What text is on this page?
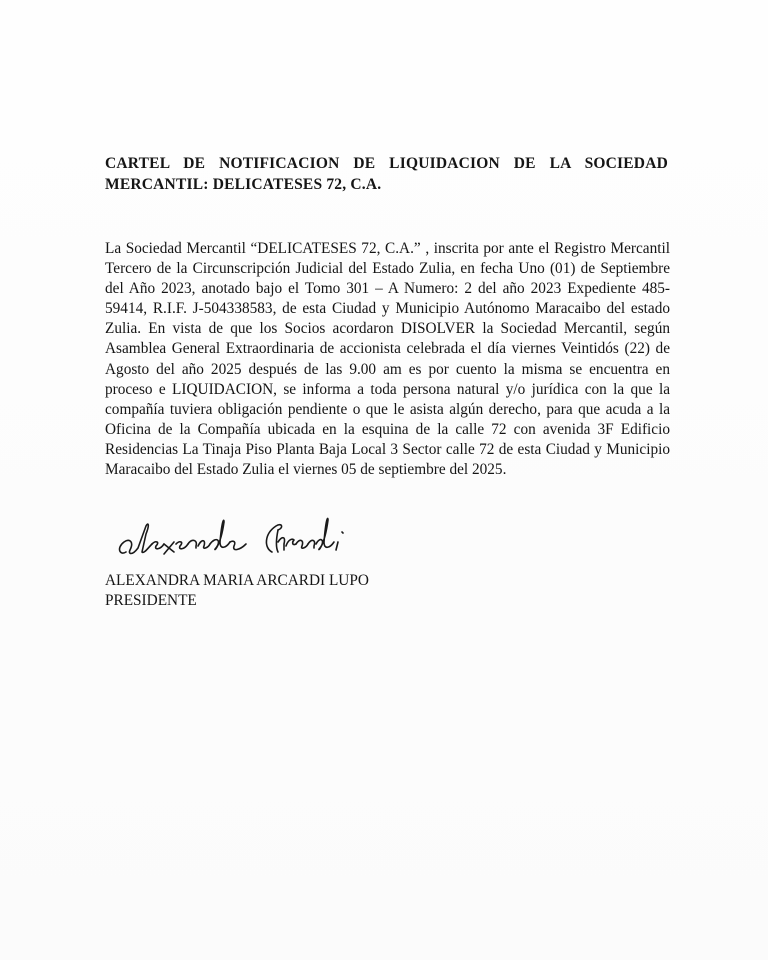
CARTEL DE NOTIFICACION DE LIQUIDACION DE LA SOCIEDAD MERCANTIL: DELICATESES 72, C.A.

La Sociedad Mercantil “DELICATESES 72, C.A.” , inscrita por ante el Registro Mercantil Tercero de la Circunscripción Judicial del Estado Zulia, en fecha Uno (01) de Septiembre del Año 2023, anotado bajo el Tomo 301 – A Numero: 2 del año 2023 Expediente 485-59414, R.I.F. J-504338583, de esta Ciudad y Municipio Autónomo Maracaibo del estado Zulia. En vista de que los Socios acordaron DISOLVER la Sociedad Mercantil, según Asamblea General Extraordinaria de accionista celebrada el día viernes Veintidós (22) de Agosto del año 2025 después de las 9.00 am es por cuento la misma se encuentra en proceso e LIQUIDACION, se informa a toda persona natural y/o jurídica con la que la compañía tuviera obligación pendiente o que le asista algún derecho, para que acuda a la Oficina de la Compañía ubicada en la esquina de la calle 72 con avenida 3F Edificio Residencias La Tinaja Piso Planta Baja Local 3 Sector calle 72 de esta Ciudad y Municipio Maracaibo del Estado Zulia el viernes 05 de septiembre del 2025.

ALEXANDRA MARIA ARCARDI LUPO

PRESIDENTE
